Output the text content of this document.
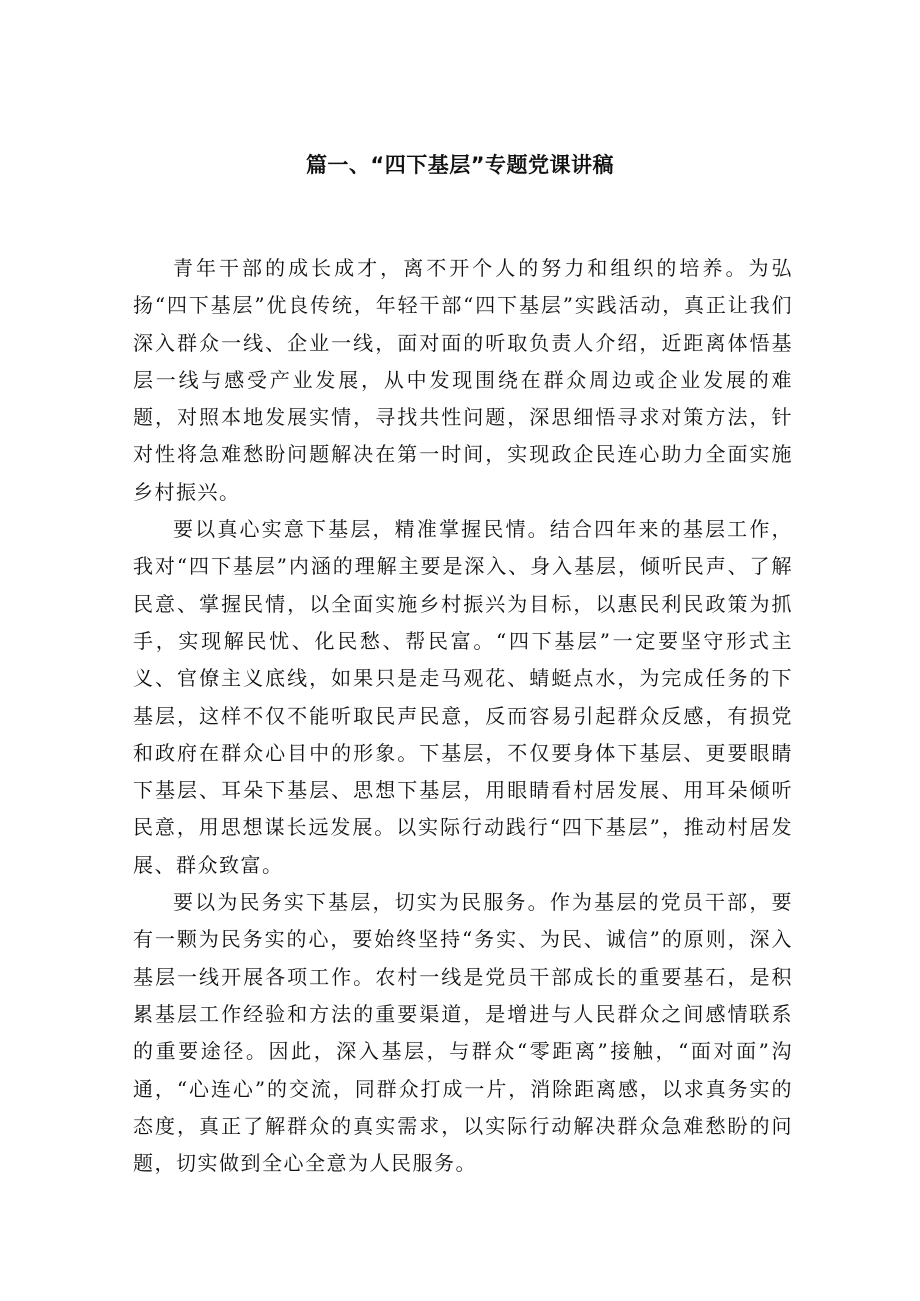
篇一、“四下基层”专题党课讲稿

青年干部的成长成才，离不开个人的努力和组织的培养。为弘扬“四下基层”优良传统，年轻干部“四下基层”实践活动，真正让我们深入群众一线、企业一线，面对面的听取负责人介绍，近距离体悟基层一线与感受产业发展，从中发现围绕在群众周边或企业发展的难题，对照本地发展实情，寻找共性问题，深思细悟寻求对策方法，针对性将急难愁盼问题解决在第一时间，实现政企民连心助力全面实施乡村振兴。

要以真心实意下基层，精准掌握民情。结合四年来的基层工作，我对“四下基层”内涵的理解主要是深入、身入基层，倾听民声、了解民意、掌握民情，以全面实施乡村振兴为目标，以惠民利民政策为抓手，实现解民忧、化民愁、帮民富。“四下基层”一定要坚守形式主义、官僚主义底线，如果只是走马观花、蜻蜓点水，为完成任务的下基层，这样不仅不能听取民声民意，反而容易引起群众反感，有损党和政府在群众心目中的形象。下基层，不仅要身体下基层、更要眼睛下基层、耳朵下基层、思想下基层，用眼睛看村居发展、用耳朵倾听民意，用思想谋长远发展。以实际行动践行“四下基层”，推动村居发展、群众致富。

要以为民务实下基层，切实为民服务。作为基层的党员干部，要有一颗为民务实的心，要始终坚持“务实、为民、诚信”的原则，深入基层一线开展各项工作。农村一线是党员干部成长的重要基石，是积累基层工作经验和方法的重要渠道，是增进与人民群众之间感情联系的重要途径。因此，深入基层，与群众“零距离”接触，“面对面”沟通，“心连心”的交流，同群众打成一片，消除距离感，以求真务实的态度，真正了解群众的真实需求，以实际行动解决群众急难愁盼的问题，切实做到全心全意为人民服务。
